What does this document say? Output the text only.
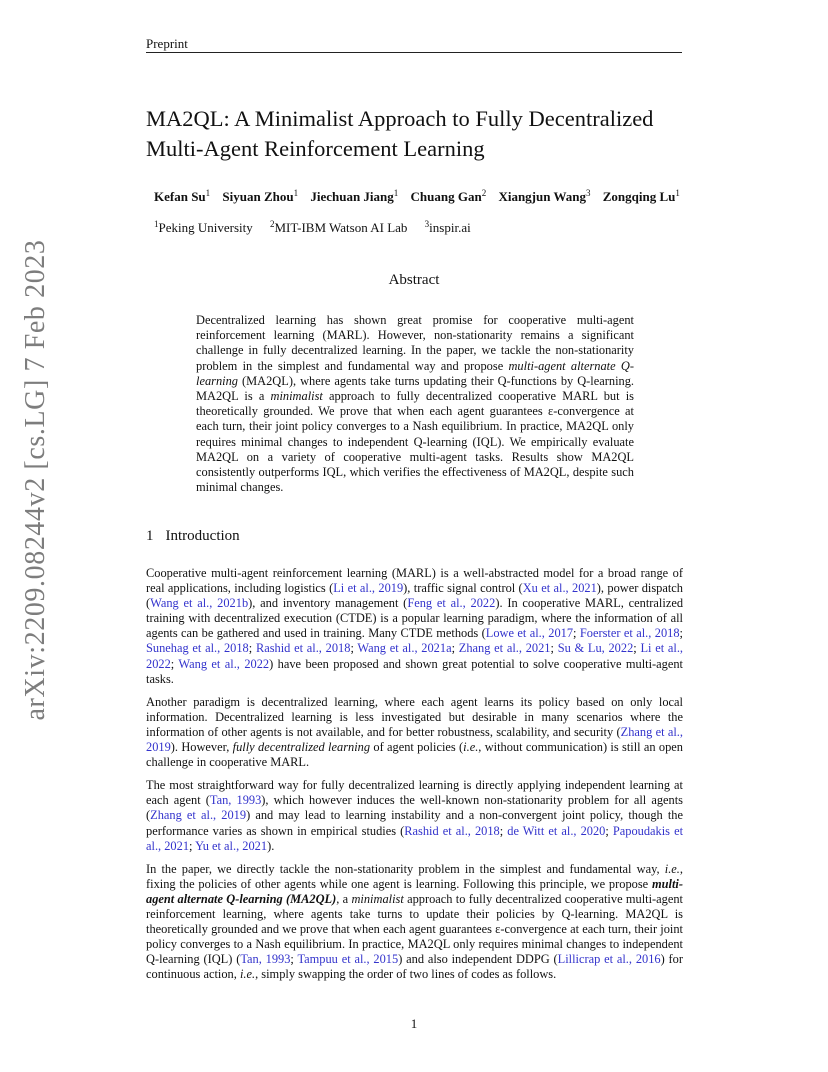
Preprint
arXiv:2209.08244v2 [cs.LG] 7 Feb 2023
MA2QL: A Minimalist Approach to Fully Decentralized Multi-Agent Reinforcement Learning
Kefan Su$^1$ Siyuan Zhou$^1$ Jiechuan Jiang$^1$ Chuang Gan$^2$ Xiangjun Wang$^3$ Zongqing Lu$^1$
$^1$Peking University $^2$MIT-IBM Watson AI Lab $^3$inspir.ai
Abstract

Decentralized learning has shown great promise for cooperative multi-agent reinforcement learning (MARL). However, non-stationarity remains a significant challenge in fully decentralized learning. In the paper, we tackle the non-stationarity problem in the simplest and fundamental way and propose multi-agent alternate Q-learning (MA2QL), where agents take turns updating their Q-functions by Q-learning. MA2QL is a minimalist approach to fully decentralized cooperative MARL but is theoretically grounded. We prove that when each agent guarantees ε-convergence at each turn, their joint policy converges to a Nash equilibrium. In practice, MA2QL only requires minimal changes to independent Q-learning (IQL). We empirically evaluate MA2QL on a variety of cooperative multi-agent tasks. Results show MA2QL consistently outperforms IQL, which verifies the effectiveness of MA2QL, despite such minimal changes.

1 Introduction

Cooperative multi-agent reinforcement learning (MARL) is a well-abstracted model for a broad range of real applications, including logistics (Li et al., 2019), traffic signal control (Xu et al., 2021), power dispatch (Wang et al., 2021b), and inventory management (Feng et al., 2022). In cooperative MARL, centralized training with decentralized execution (CTDE) is a popular learning paradigm, where the information of all agents can be gathered and used in training. Many CTDE methods (Lowe et al., 2017; Foerster et al., 2018; Sunehag et al., 2018; Rashid et al., 2018; Wang et al., 2021a; Zhang et al., 2021; Su & Lu, 2022; Li et al., 2022; Wang et al., 2022) have been proposed and shown great potential to solve cooperative multi-agent tasks.

Another paradigm is decentralized learning, where each agent learns its policy based on only local information. Decentralized learning is less investigated but desirable in many scenarios where the information of other agents is not available, and for better robustness, scalability, and security (Zhang et al., 2019). However, fully decentralized learning of agent policies (i.e., without communication) is still an open challenge in cooperative MARL.

The most straightforward way for fully decentralized learning is directly applying independent learning at each agent (Tan, 1993), which however induces the well-known non-stationarity problem for all agents (Zhang et al., 2019) and may lead to learning instability and a non-convergent joint policy, though the performance varies as shown in empirical studies (Rashid et al., 2018; de Witt et al., 2020; Papoudakis et al., 2021; Yu et al., 2021).

In the paper, we directly tackle the non-stationarity problem in the simplest and fundamental way, i.e., fixing the policies of other agents while one agent is learning. Following this principle, we propose multi-agent alternate Q-learning (MA2QL), a minimalist approach to fully decentralized cooperative multi-agent reinforcement learning, where agents take turns to update their policies by Q-learning. MA2QL is theoretically grounded and we prove that when each agent guarantees ε-convergence at each turn, their joint policy converges to a Nash equilibrium. In practice, MA2QL only requires minimal changes to independent Q-learning (IQL) (Tan, 1993; Tampuu et al., 2015) and also independent DDPG (Lillicrap et al., 2016) for continuous action, i.e., simply swapping the order of two lines of codes as follows.

1
